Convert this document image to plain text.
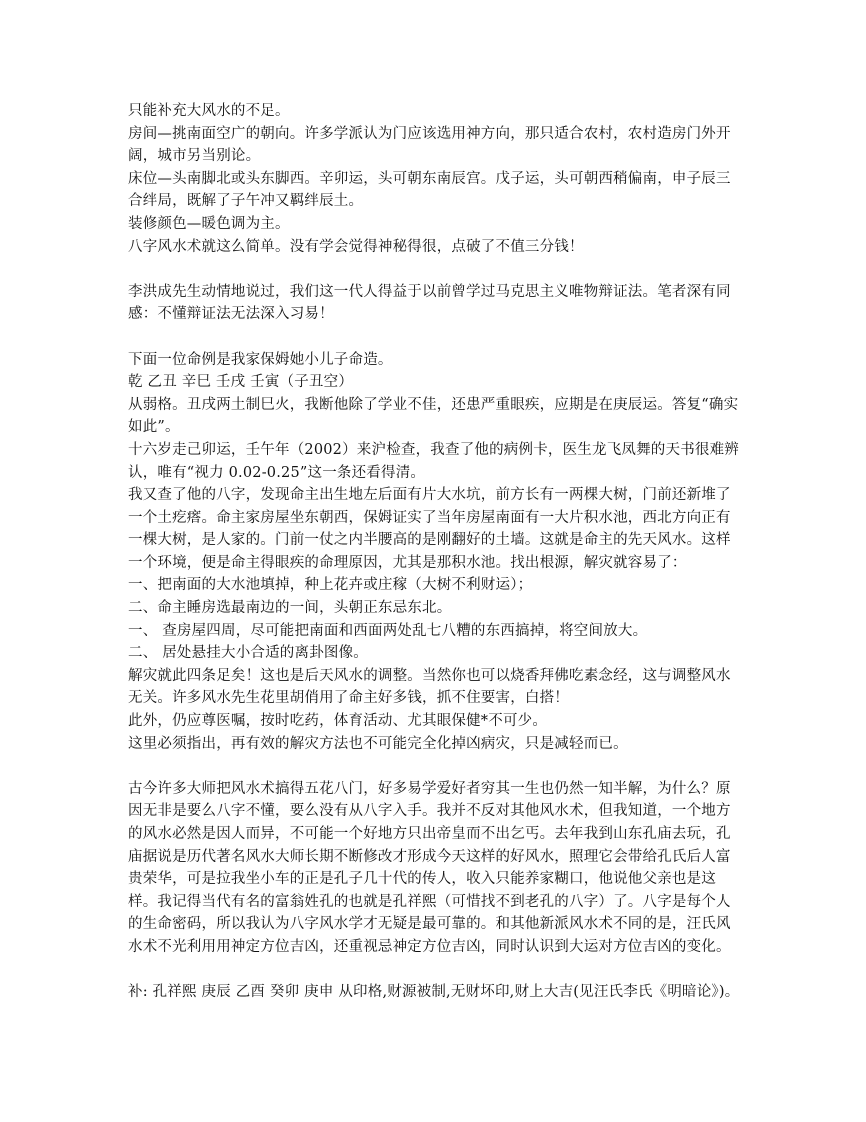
只能补充大风水的不足。

房间—挑南面空广的朝向。许多学派认为门应该选用神方向，那只适合农村，农村造房门外开阔，城市另当别论。

床位—头南脚北或头东脚西。辛卯运，头可朝东南辰宫。戊子运，头可朝西稍偏南，申子辰三合绊局，既解了子午冲又羁绊辰土。

装修颜色—暖色调为主。

八字风水术就这么简单。没有学会觉得神秘得很，点破了不值三分钱！

李洪成先生动情地说过，我们这一代人得益于以前曾学过马克思主义唯物辩证法。笔者深有同感：不懂辩证法无法深入习易！

下面一位命例是我家保姆她小儿子命造。

乾 乙丑 辛巳 壬戌 壬寅（子丑空）

从弱格。丑戌两土制巳火，我断他除了学业不佳，还患严重眼疾，应期是在庚辰运。答复“确实如此”。

十六岁走己卯运，壬午年（2002）来沪检查，我查了他的病例卡，医生龙飞凤舞的天书很难辨认，唯有“视力 0.02-0.25”这一条还看得清。

我又查了他的八字，发现命主出生地左后面有片大水坑，前方长有一两棵大树，门前还新堆了一个土疙瘩。命主家房屋坐东朝西，保姆证实了当年房屋南面有一大片积水池，西北方向正有一棵大树，是人家的。门前一仗之内半腰高的是刚翻好的土墙。这就是命主的先天风水。这样一个环境，便是命主得眼疾的命理原因，尤其是那积水池。找出根源，解灾就容易了：

一、把南面的大水池填掉，种上花卉或庄稼（大树不利财运）；

二、命主睡房选最南边的一间，头朝正东忌东北。

一、 查房屋四周，尽可能把南面和西面两处乱七八糟的东西搞掉，将空间放大。

二、 居处悬挂大小合适的离卦图像。

解灾就此四条足矣！这也是后天风水的调整。当然你也可以烧香拜佛吃素念经，这与调整风水无关。许多风水先生花里胡俏用了命主好多钱，抓不住要害，白搭！

此外，仍应尊医嘱，按时吃药，体育活动、尤其眼保健*不可少。

这里必须指出，再有效的解灾方法也不可能完全化掉凶病灾，只是减轻而已。

古今许多大师把风水术搞得五花八门，好多易学爱好者穷其一生也仍然一知半解，为什么？原因无非是要么八字不懂，要么没有从八字入手。我并不反对其他风水术，但我知道，一个地方的风水必然是因人而异，不可能一个好地方只出帝皇而不出乞丐。去年我到山东孔庙去玩，孔庙据说是历代著名风水大师长期不断修改才形成今天这样的好风水，照理它会带给孔氏后人富贵荣华，可是拉我坐小车的正是孔子几十代的传人，收入只能养家糊口，他说他父亲也是这样。我记得当代有名的富翁姓孔的也就是孔祥熙（可惜找不到老孔的八字）了。八字是每个人的生命密码，所以我认为八字风水学才无疑是最可靠的。和其他新派风水术不同的是，汪氏风水术不光利用用神定方位吉凶，还重视忌神定方位吉凶，同时认识到大运对方位吉凶的变化。

补: 孔祥熙 庚辰 乙酉 癸卯 庚申 从印格,财源被制,无财坏印,财上大吉(见汪氏李氏《明暗论》)。
